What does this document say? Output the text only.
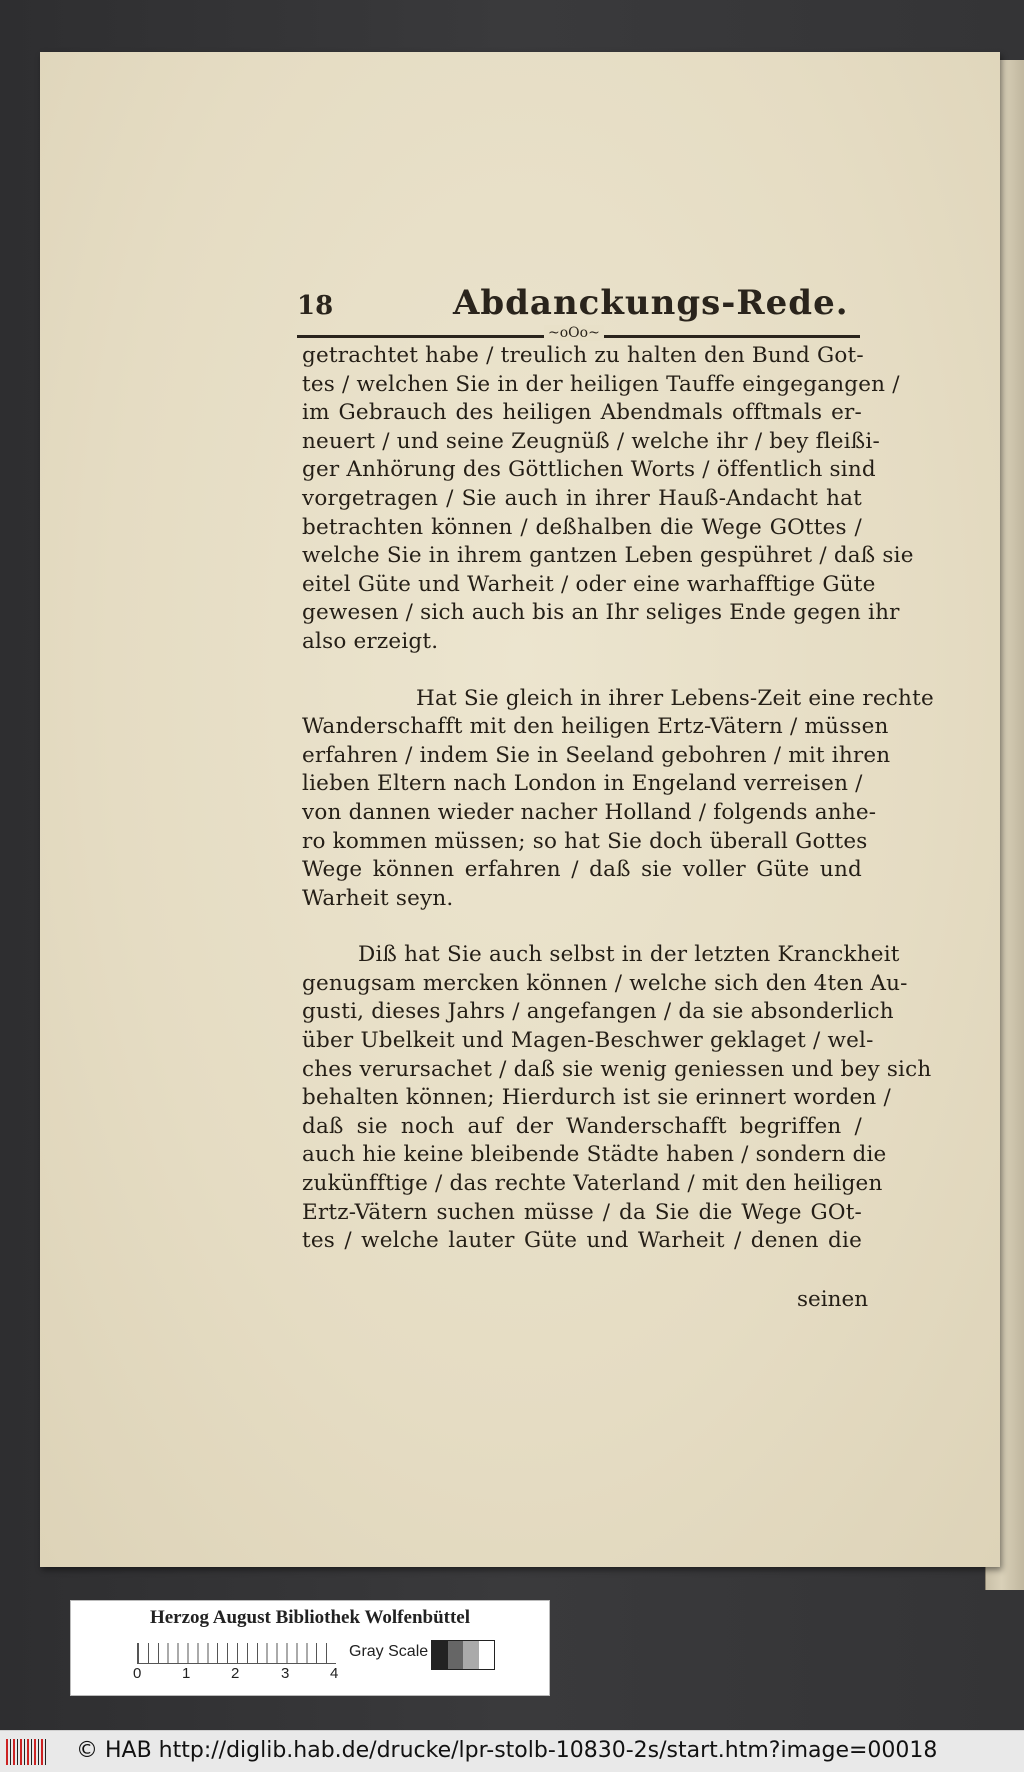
18	Abdanckungs-Rede.
~oOo~

getrachtet habe / treulich zu halten den Bund Got-
tes / welchen Sie in der heiligen Tauffe eingegangen /
im Gebrauch des heiligen Abendmals offtmals er-
neuert / und seine Zeugnüß / welche ihr / bey fleißi-
ger Anhörung des Göttlichen Worts / öffentlich sind
vorgetragen / Sie auch in ihrer Hauß-Andacht hat
betrachten können / deßhalben die Wege GOttes /
welche Sie in ihrem gantzen Leben gespühret / daß sie
eitel Güte und Warheit / oder eine warhafftige Güte
gewesen / sich auch bis an Ihr seliges Ende gegen ihr
also erzeigt.

Hat Sie gleich in ihrer Lebens-Zeit eine rechte
Wanderschafft mit den heiligen Ertz-Vätern / müssen
erfahren / indem Sie in Seeland gebohren / mit ihren
lieben Eltern nach London in Engeland verreisen /
von dannen wieder nacher Holland / folgends anhe-
ro kommen müssen; so hat Sie doch überall Gottes
Wege können erfahren / daß sie voller Güte und
Warheit seyn.

Diß hat Sie auch selbst in der letzten Kranckheit
genugsam mercken können / welche sich den 4ten Au-
gusti, dieses Jahrs / angefangen / da sie absonderlich
über Ubelkeit und Magen-Beschwer geklaget / wel-
ches verursachet / daß sie wenig geniessen und bey sich
behalten können; Hierdurch ist sie erinnert worden /
daß sie noch auf der Wanderschafft begriffen /
auch hie keine bleibende Städte haben / sondern die
zukünfftige / das rechte Vaterland / mit den heiligen
Ertz-Vätern suchen müsse / da Sie die Wege GOt-
tes / welche lauter Güte und Warheit / denen die

seinen
Herzog August Bibliothek Wolfenbüttel
0	1	2	3	4
Gray Scale
© HAB http://diglib.hab.de/drucke/lpr-stolb-10830-2s/start.htm?image=00018
